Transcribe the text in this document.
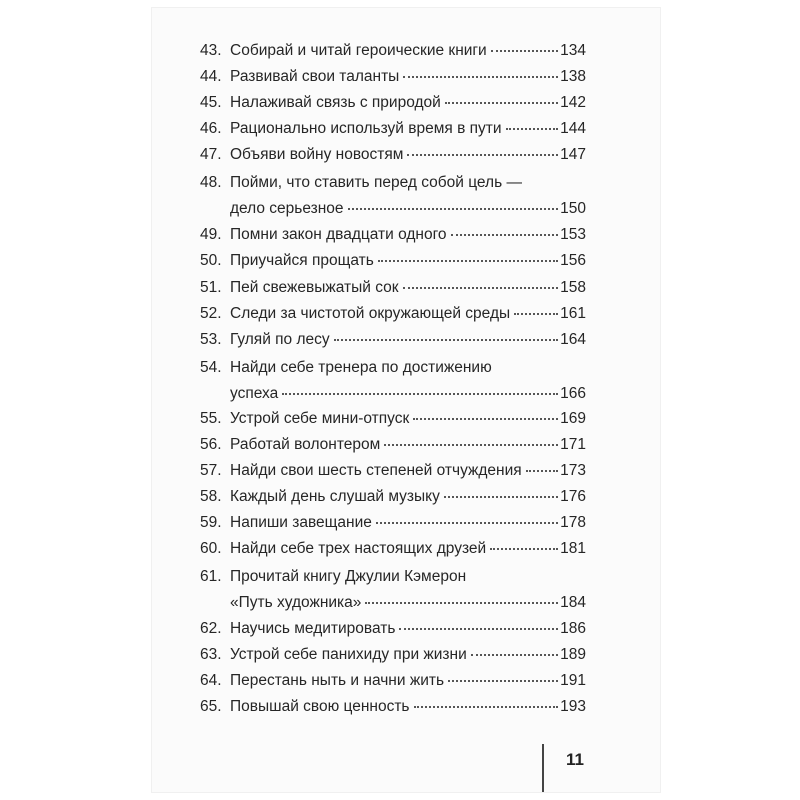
43. Собирай и читай героические книги	134
44. Развивай свои таланты	138
45. Налаживай связь с природой	142
46. Рационально используй время в пути	144
47. Объяви войну новостям	147
48. Пойми, что ставить перед собой цель —
дело серьезное	150
49. Помни закон двадцати одного	153
50. Приучайся прощать	156
51. Пей свежевыжатый сок	158
52. Следи за чистотой окружающей среды	161
53. Гуляй по лесу	164
54. Найди себе тренера по достижению
успеха	166
55. Устрой себе мини-отпуск	169
56. Работай волонтером	171
57. Найди свои шесть степеней отчуждения 173
58. Каждый день слушай музыку	176
59. Напиши завещание	178
60. Найди себе трех настоящих друзей	181
61. Прочитай книгу Джулии Кэмерон
«Путь художника»	184
62. Научись медитировать	186
63. Устрой себе панихиду при жизни	189
64. Перестань ныть и начни жить	191
65. Повышай свою ценность	193
11
